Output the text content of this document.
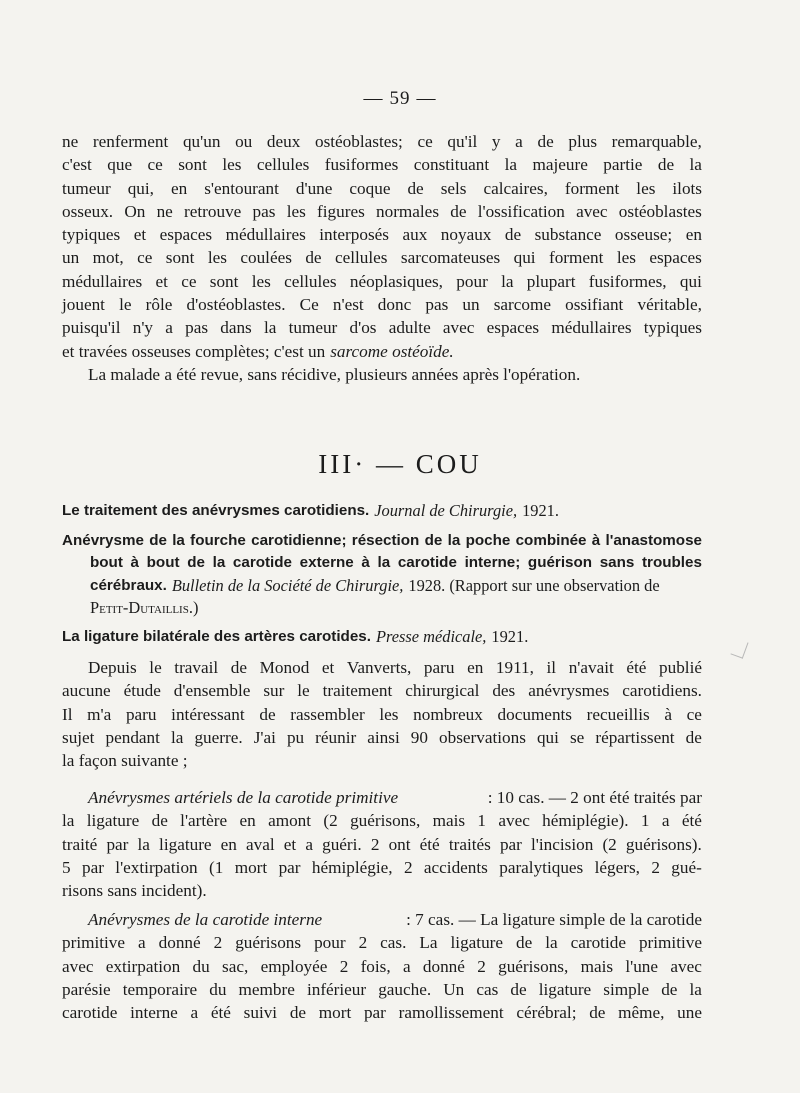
— 59 —
ne renferment qu'un ou deux ostéoblastes; ce qu'il y a de plus remarquable,
c'est que ce sont les cellules fusiformes constituant la majeure partie de la
tumeur qui, en s'entourant d'une coque de sels calcaires, forment les ilots
osseux. On ne retrouve pas les figures normales de l'ossification avec ostéoblastes
typiques et espaces médullaires interposés aux noyaux de substance osseuse; en
un mot, ce sont les coulées de cellules sarcomateuses qui forment les espaces
médullaires et ce sont les cellules néoplasiques, pour la plupart fusiformes, qui
jouent le rôle d'ostéoblastes. Ce n'est donc pas un sarcome ossifiant véritable,
puisqu'il n'y a pas dans la tumeur d'os adulte avec espaces médullaires typiques
et travées osseuses complètes; c'est un sarcome ostéoïde.
La malade a été revue, sans récidive, plusieurs années après l'opération.
III· — COU
Le traitement des anévrysmes carotidiens. Journal de Chirurgie, 1921.
Anévrysme de la fourche carotidienne; résection de la poche combinée à l'anastomose
bout à bout de la carotide externe à la carotide interne; guérison sans troubles
cérébraux. Bulletin de la Société de Chirurgie, 1928. (Rapport sur une observation de
Petit-Dutaillis.)
La ligature bilatérale des artères carotides. Presse médicale, 1921.
Depuis le travail de Monod et Vanverts, paru en 1911, il n'avait été publié
aucune étude d'ensemble sur le traitement chirurgical des anévrysmes carotidiens.
Il m'a paru intéressant de rassembler les nombreux documents recueillis à ce
sujet pendant la guerre. J'ai pu réunir ainsi 90 observations qui se répartissent de
la façon suivante ;
Anévrysmes artériels de la carotide primitive	: 10 cas. — 2 ont été traités par
la ligature de l'artère en amont (2 guérisons, mais 1 avec hémiplégie). 1 a été
traité par la ligature en aval et a guéri. 2 ont été traités par l'incision (2 guérisons).
5 par l'extirpation (1 mort par hémiplégie, 2 accidents paralytiques légers, 2 gué-
risons sans incident).
Anévrysmes de la carotide interne	: 7 cas. — La ligature simple de la carotide
primitive a donné 2 guérisons pour 2 cas. La ligature de la carotide primitive
avec extirpation du sac, employée 2 fois, a donné 2 guérisons, mais l'une avec
parésie temporaire du membre inférieur gauche. Un cas de ligature simple de la
carotide interne a été suivi de mort par ramollissement cérébral; de même, une
